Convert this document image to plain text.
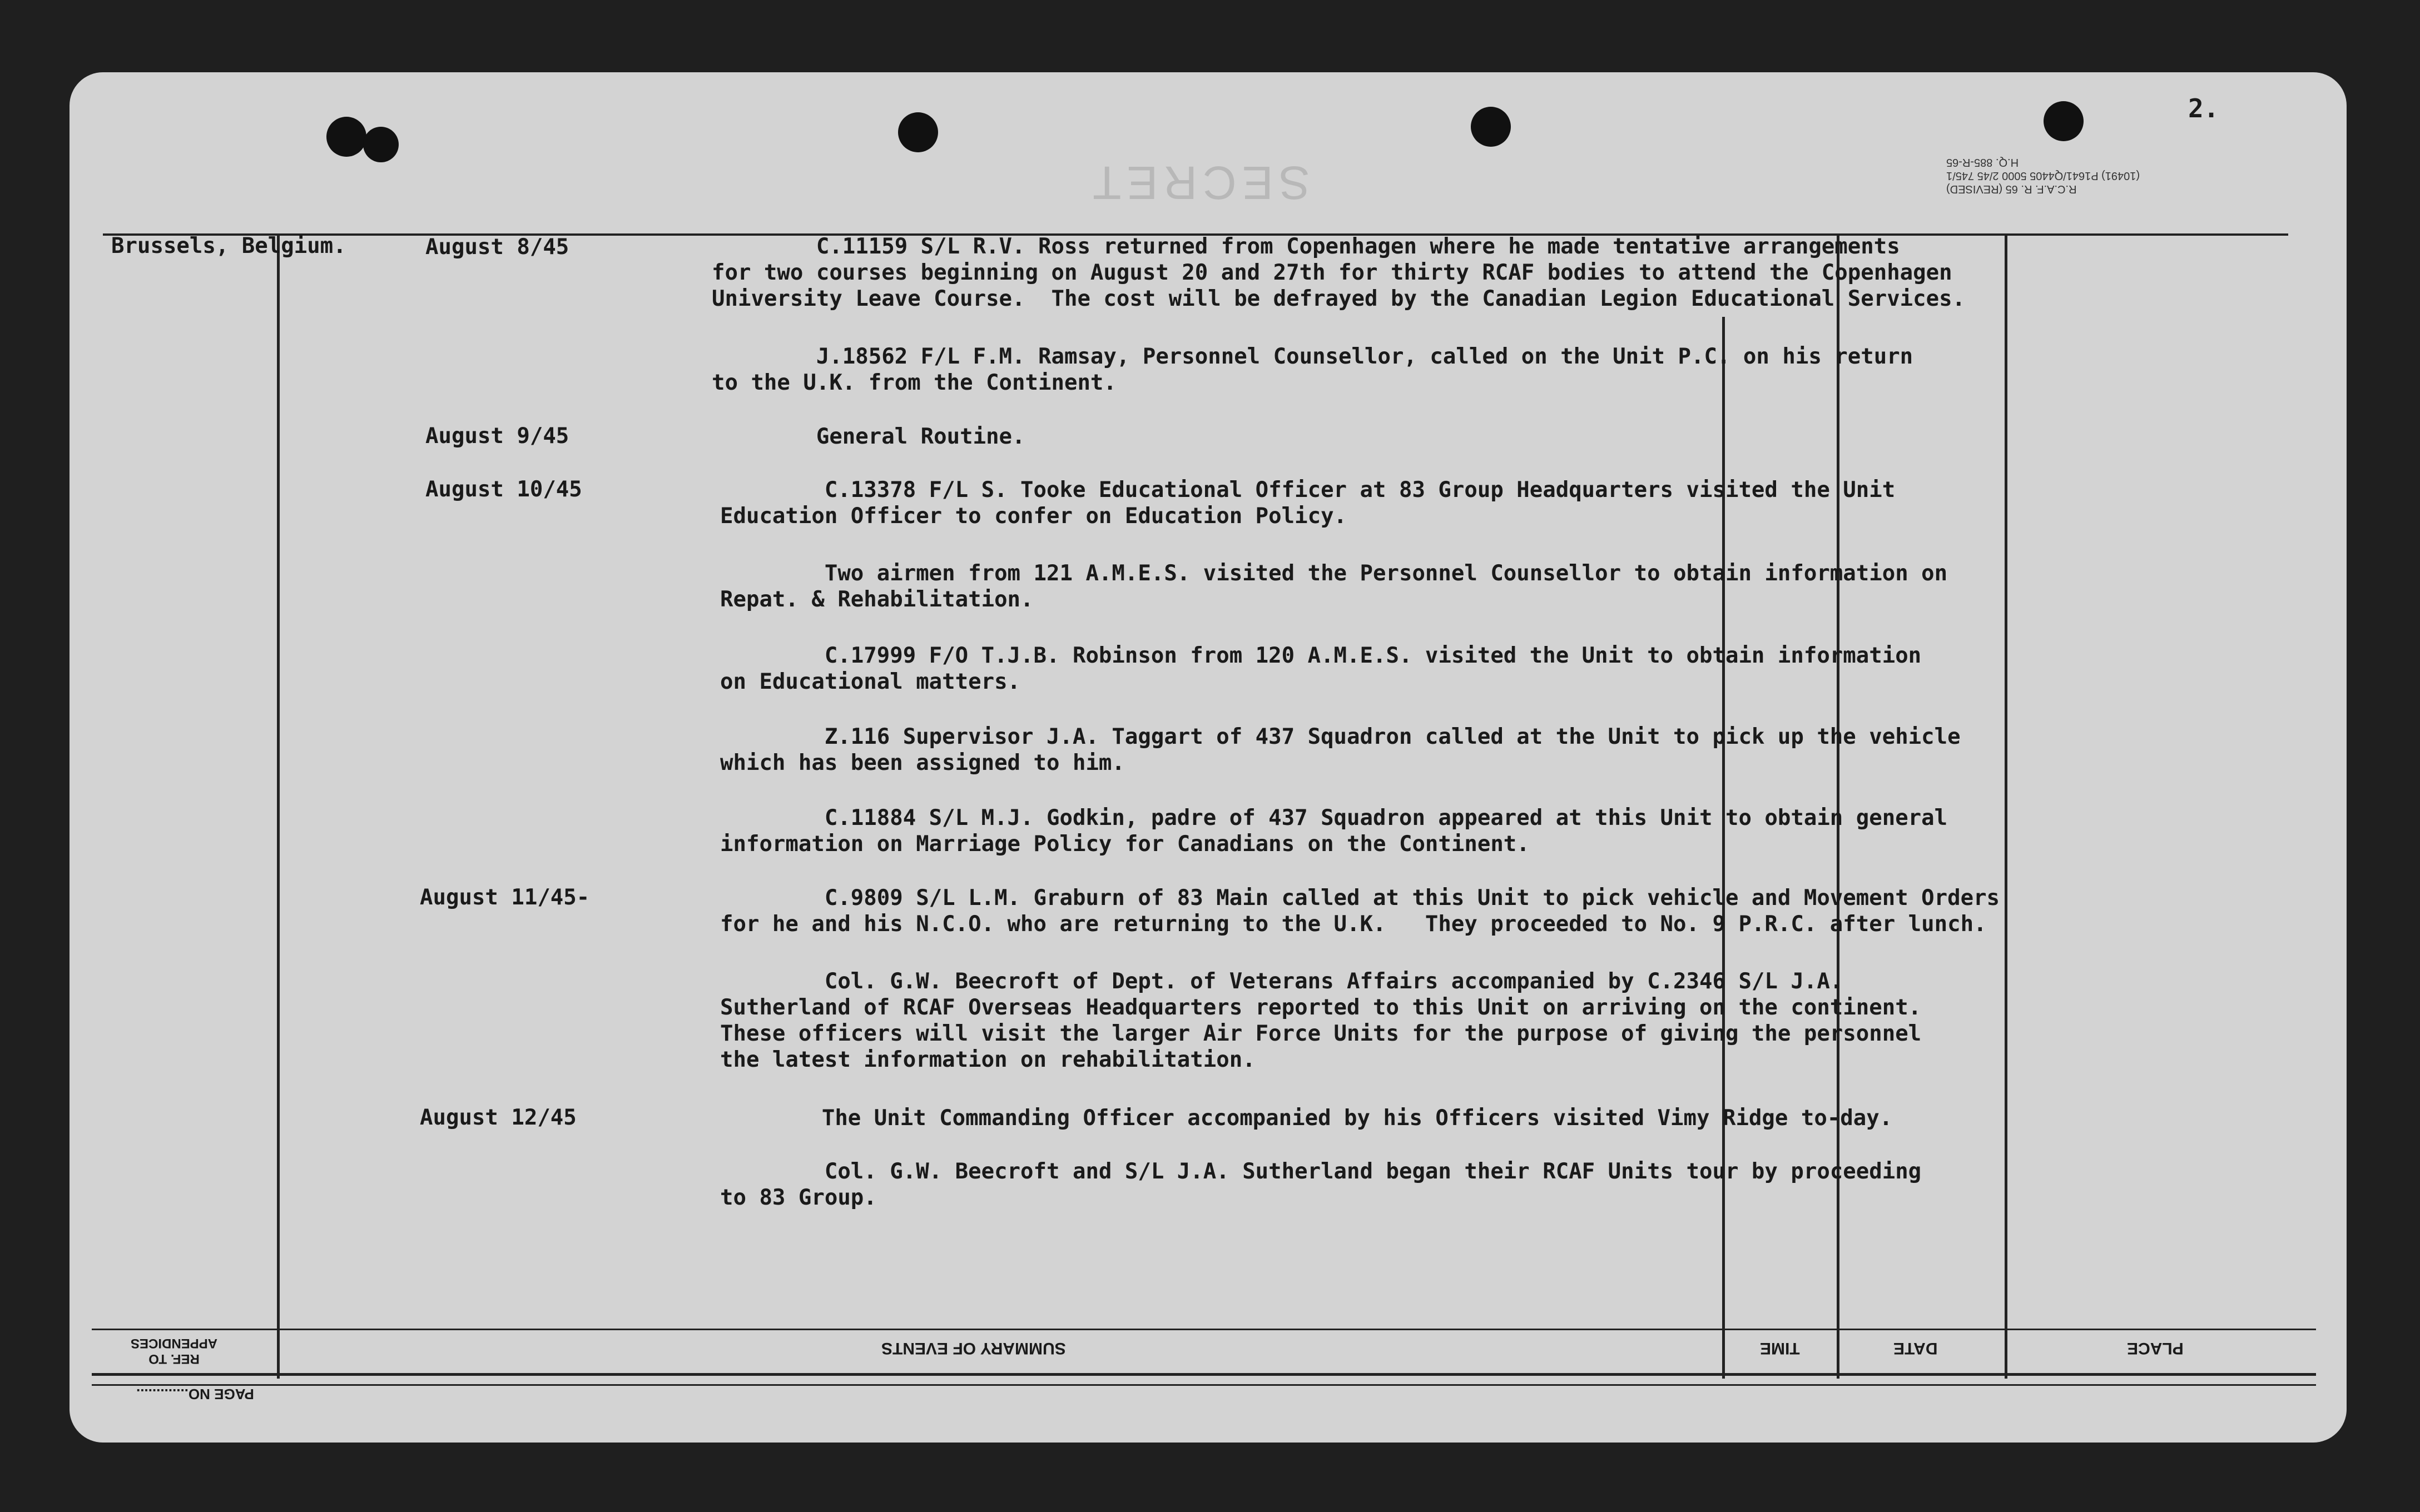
2.
R.C.A.F. R. 65 (REVISED)
(10491) P1641/Q4405 5000 2/45 745/1
H.Q. 885-R-65
SECRET
PLACE
DATE
TIME
SUMMARY OF EVENTS
REF. TO
APPENDICES
PAGE NO.............
Brussels, Belgium.	August 8/45
August 9/45
August 10/45
August 11/45-
August 12/45
C.11159 S/L R.V. Ross returned from Copenhagen where he made tentative arrangements
for two courses beginning on August 20 and 27th for thirty RCAF bodies to attend the Copenhagen
University Leave Course.  The cost will be defrayed by the Canadian Legion Educational Services.
J.18562 F/L F.M. Ramsay, Personnel Counsellor, called on the Unit P.C. on his return
to the U.K. from the Continent.
General Routine.
C.13378 F/L S. Tooke Educational Officer at 83 Group Headquarters visited the Unit
Education Officer to confer on Education Policy.
Two airmen from 121 A.M.E.S. visited the Personnel Counsellor to obtain information on
Repat. & Rehabilitation.
C.17999 F/O T.J.B. Robinson from 120 A.M.E.S. visited the Unit to obtain information
on Educational matters.
Z.116 Supervisor J.A. Taggart of 437 Squadron called at the Unit to pick up the vehicle
which has been assigned to him.
C.11884 S/L M.J. Godkin, padre of 437 Squadron appeared at this Unit to obtain general
information on Marriage Policy for Canadians on the Continent.
C.9809 S/L L.M. Graburn of 83 Main called at this Unit to pick vehicle and Movement Orders
for he and his N.C.O. who are returning to the U.K.   They proceeded to No. 9 P.R.C. after lunch.
Col. G.W. Beecroft of Dept. of Veterans Affairs accompanied by C.2346 S/L J.A.
Sutherland of RCAF Overseas Headquarters reported to this Unit on arriving on the continent.
These officers will visit the larger Air Force Units for the purpose of giving the personnel
the latest information on rehabilitation.
The Unit Commanding Officer accompanied by his Officers visited Vimy Ridge to-day.
Col. G.W. Beecroft and S/L J.A. Sutherland began their RCAF Units tour by proceeding
to 83 Group.
